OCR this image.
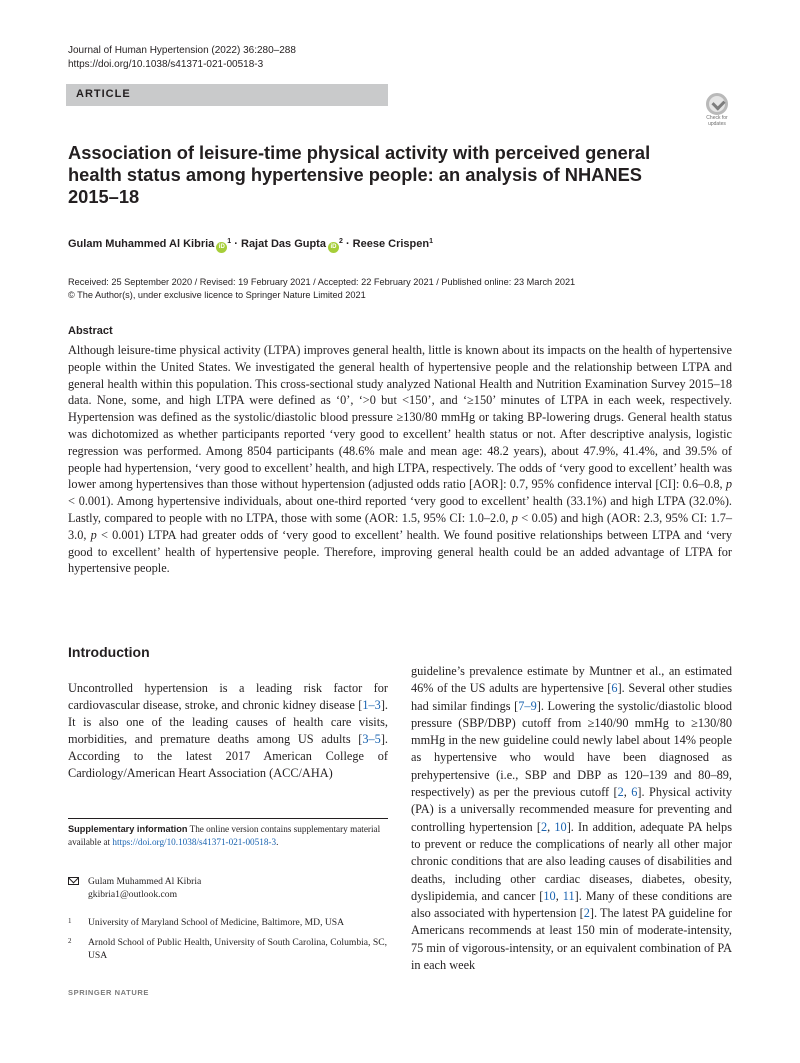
Journal of Human Hypertension (2022) 36:280–288
https://doi.org/10.1038/s41371-021-00518-3
ARTICLE
Check for
updates
Association of leisure-time physical activity with perceived general health status among hypertensive people: an analysis of NHANES 2015–18
Gulam Muhammed Al Kibria $iD^1$ · Rajat Das Gupta $iD^2$ · Reese Crispen$^1$
Received: 25 September 2020 / Revised: 19 February 2021 / Accepted: 22 February 2021 / Published online: 23 March 2021
© The Author(s), under exclusive licence to Springer Nature Limited 2021
Abstract

Although leisure-time physical activity (LTPA) improves general health, little is known about its impacts on the health of hypertensive people within the United States. We investigated the general health of hypertensive people and the relationship between LTPA and general health within this population. This cross-sectional study analyzed National Health and Nutrition Examination Survey 2015–18 data. None, some, and high LTPA were defined as ‘0’, ‘>0 but <150’, and ‘≥150’ minutes of LTPA in each week, respectively. Hypertension was defined as the systolic/diastolic blood pressure ≥130/80 mmHg or taking BP-lowering drugs. General health status was dichotomized as whether participants reported ‘very good to excellent’ health status or not. After descriptive analysis, logistic regression was performed. Among 8504 participants (48.6% male and mean age: 48.2 years), about 47.9%, 41.4%, and 39.5% of people had hypertension, ‘very good to excellent’ health, and high LTPA, respectively. The odds of ‘very good to excellent’ health was lower among hypertensives than those without hypertension (adjusted odds ratio [AOR]: 0.7, 95% confidence interval [CI]: 0.6–0.8, p < 0.001). Among hypertensive individuals, about one-third reported ‘very good to excellent’ health (33.1%) and high LTPA (32.0%). Lastly, compared to people with no LTPA, those with some (AOR: 1.5, 95% CI: 1.0–2.0, p < 0.05) and high (AOR: 2.3, 95% CI: 1.7–3.0, p < 0.001) LTPA had greater odds of ‘very good to excellent’ health. We found positive relationships between LTPA and ‘very good to excellent’ health of hypertensive people. Therefore, improving general health could be an added advantage of LTPA for hypertensive people.

Introduction

Uncontrolled hypertension is a leading risk factor for cardiovascular disease, stroke, and chronic kidney disease [1–3]. It is also one of the leading causes of health care visits, morbidities, and premature deaths among US adults [3–5]. According to the latest 2017 American College of Cardiology/American Heart Association (ACC/AHA)

guideline’s prevalence estimate by Muntner et al., an estimated 46% of the US adults are hypertensive [6]. Several other studies had similar findings [7–9]. Lowering the systolic/diastolic blood pressure (SBP/DBP) cutoff from ≥140/90 mmHg to ≥130/80 mmHg in the new guideline could newly label about 14% people as hypertensive who would have been diagnosed as prehypertensive (i.e., SBP and DBP as 120–139 and 80–89, respectively) as per the previous cutoff [2, 6]. Physical activity (PA) is a universally recommended measure for preventing and controlling hypertension [2, 10]. In addition, adequate PA helps to prevent or reduce the complications of nearly all other major chronic conditions that are also leading causes of disabilities and deaths, including other cardiac diseases, diabetes, obesity, dyslipidemia, and cancer [10, 11]. Many of these conditions are also associated with hypertension [2]. The latest PA guideline for Americans recommends at least 150 min of moderate-intensity, 75 min of vigorous-intensity, or an equivalent combination of PA in each week

Supplementary information The online version contains supplementary material available at https://doi.org/10.1038/s41371-021-00518-3.

Gulam Muhammed Al Kibria
gkibria1@outlook.com
1 University of Maryland School of Medicine, Baltimore, MD, USA
2 Arnold School of Public Health, University of South Carolina, Columbia, SC, USA
SPRINGER NATURE
